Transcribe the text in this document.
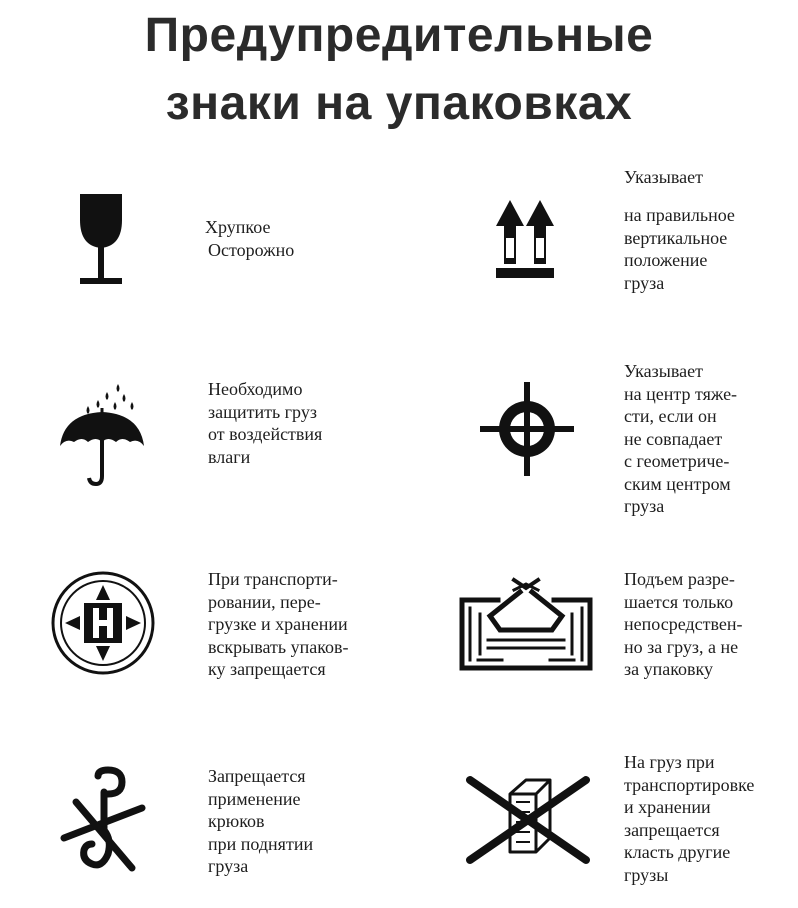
Предупредительные
знаки на упаковках
Хрупкое
Осторожно
Указывает
на правильное
вертикальное
положение
груза
Необходимо
защитить груз
от воздействия
влаги
Указывает
на центр тяже-
сти, если он
не совпадает
с геометриче-
ским центром
груза
При транспорти-
ровании, пере-
грузке и хранении
вскрывать упаков-
ку запрещается
Подъем разре-
шается только
непосредствен-
но за груз, а не
за упаковку
Запрещается
применение
крюков
при поднятии
груза
На груз при
транспортировке
и хранении
запрещается
класть другие
грузы
